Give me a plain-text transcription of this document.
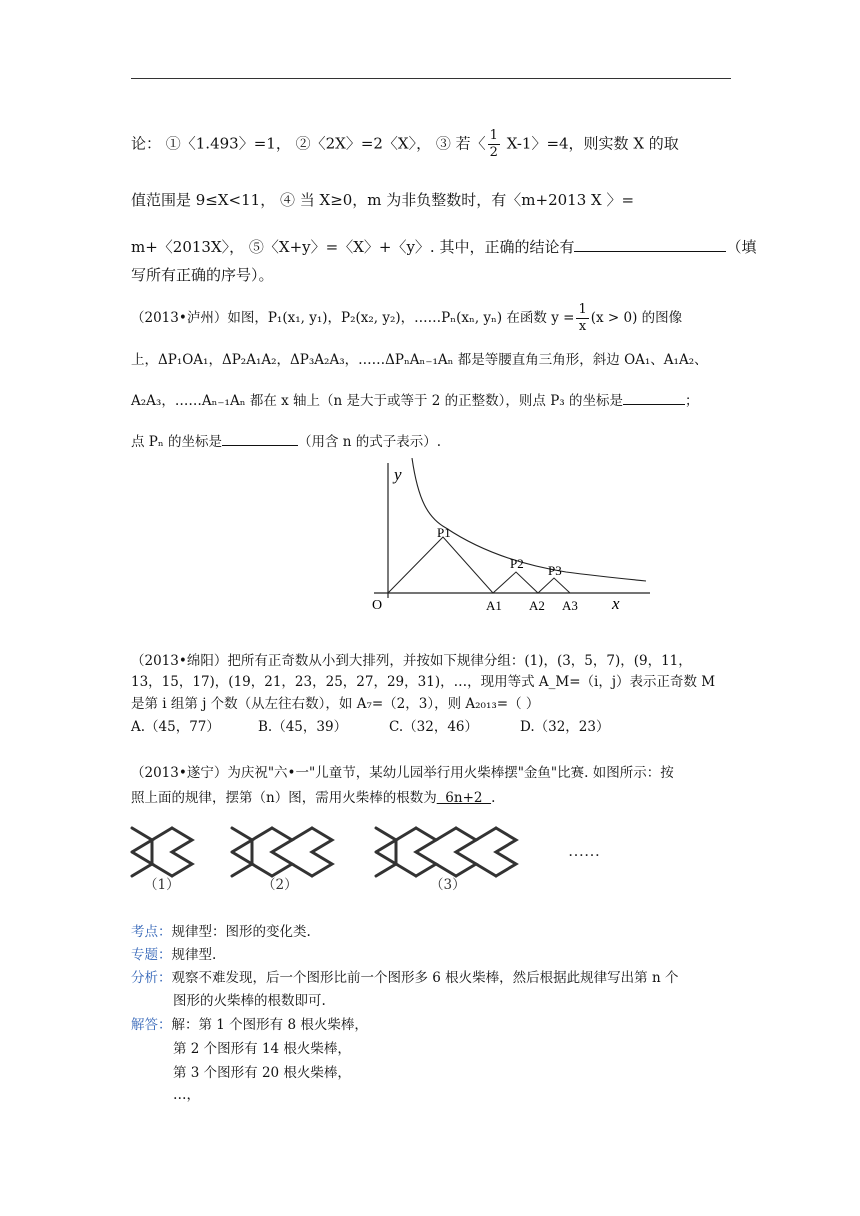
论： ①〈1.493〉=1， ②〈2X〉=2〈X〉， ③ 若〈 $\frac{1}{2} X-1$〉=4，则实数 X 的取
值范围是 9≤X<11， ④ 当 X≥0，m 为非负整数时，有〈m+2013 X 〉=
m+〈2013X〉， ⑤〈X+y〉=〈X〉+〈y〉. 其中，正确的结论有	（填
写所有正确的序号）。
（2013•泸州）如图，P₁(x₁, y₁)，P₂(x₂, y₂)，……Pₙ(xₙ, yₙ) 在函数 $y = \frac{1}{x} (x > 0)$ 的图像
上，ΔP₁OA₁，ΔP₂A₁A₂，ΔP₃A₂A₃，……ΔPₙAₙ₋₁Aₙ 都是等腰直角三角形，斜边 OA₁、A₁A₂、
A₂A₃，……Aₙ₋₁Aₙ 都在 x 轴上（n 是大于或等于 2 的正整数），则点 P₃ 的坐标是	；
点 Pₙ 的坐标是	（用含 n 的式子表示）.
y
O	x
P1
P2 P3
A1 A2 A3
（2013•绵阳）把所有正奇数从小到大排列，并按如下规律分组：(1)，(3，5，7)，(9，11，
13，15，17)，(19，21，23，25，27，29，31)，…，现用等式 A_M=（i，j）表示正奇数 M
是第 i 组第 j 个数（从左往右数），如 A₇=（2，3），则 A₂₀₁₃=（ ）
A.（45，77）	B.（45，39）	C.（32，46）	D.（32，23）
（2013•遂宁）为庆祝"六•一"儿童节，某幼儿园举行用火柴棒摆"金鱼"比赛. 如图所示：按
照上面的规律，摆第（n）图，需用火柴棒的根数为  6n+2  .
……
（1）	（2）	（3）
考点：规律型：图形的变化类.
专题：规律型.
分析：观察不难发现，后一个图形比前一个图形多 6 根火柴棒，然后根据此规律写出第 n 个
图形的火柴棒的根数即可.
解答：解：第 1 个图形有 8 根火柴棒，
第 2 个图形有 14 根火柴棒，
第 3 个图形有 20 根火柴棒，
…，
